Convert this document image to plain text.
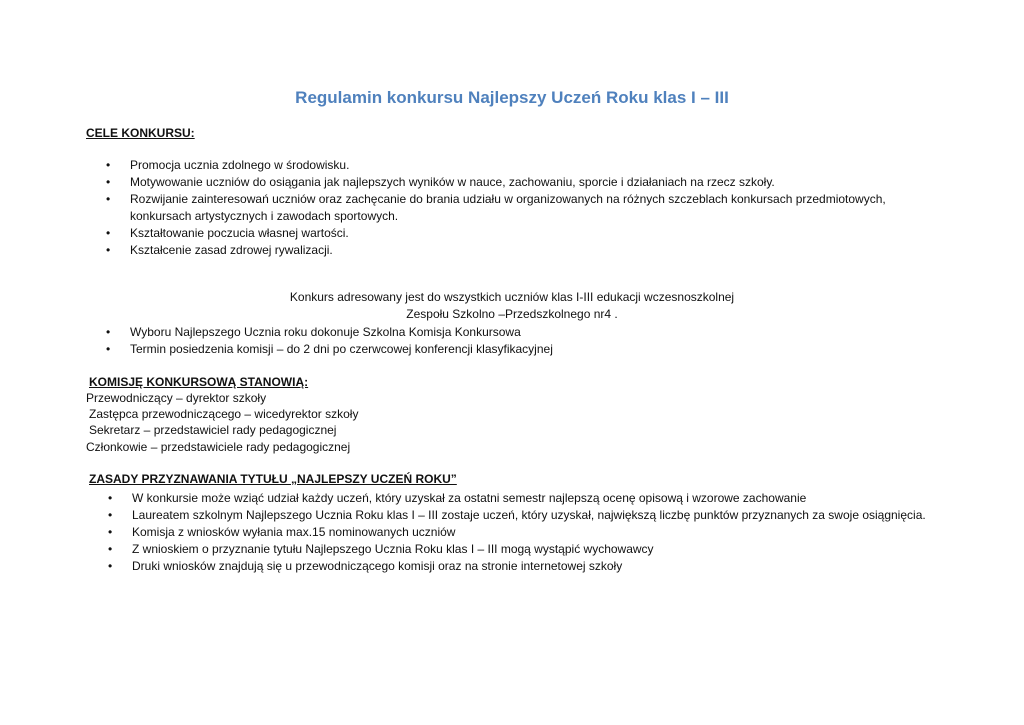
Regulamin konkursu Najlepszy Uczeń Roku klas I – III
CELE KONKURSU:
• Promocja ucznia zdolnego w środowisku.
• Motywowanie uczniów do osiągania jak najlepszych wyników w nauce, zachowaniu, sporcie i działaniach na rzecz szkoły.
• Rozwijanie zainteresowań uczniów oraz zachęcanie do brania udziału w organizowanych na różnych szczeblach konkursach przedmiotowych,
konkursach artystycznych i zawodach sportowych.
• Kształtowanie poczucia własnej wartości.
• Kształcenie zasad zdrowej rywalizacji.
Konkurs adresowany jest do wszystkich uczniów klas I-III edukacji wczesnoszkolnej
Zespołu Szkolno –Przedszkolnego nr4 .
• Wyboru Najlepszego Ucznia roku dokonuje Szkolna Komisja Konkursowa
• Termin posiedzenia komisji – do 2 dni po czerwcowej konferencji klasyfikacyjnej
KOMISJĘ KONKURSOWĄ STANOWIĄ:
Przewodniczący – dyrektor szkoły
Zastępca przewodniczącego – wicedyrektor szkoły
Sekretarz – przedstawiciel rady pedagogicznej
Członkowie – przedstawiciele rady pedagogicznej
ZASADY PRZYZNAWANIA TYTUŁU „NAJLEPSZY UCZEŃ ROKU”
• W konkursie może wziąć udział każdy uczeń, który uzyskał za ostatni semestr najlepszą ocenę opisową i wzorowe zachowanie
• Laureatem szkolnym Najlepszego Ucznia Roku klas I – III zostaje uczeń, który uzyskał, największą liczbę punktów przyznanych za swoje osiągnięcia.
• Komisja z wniosków wyłania max.15 nominowanych uczniów
• Z wnioskiem o przyznanie tytułu Najlepszego Ucznia Roku klas I – III mogą wystąpić wychowawcy
• Druki wniosków znajdują się u przewodniczącego komisji oraz na stronie internetowej szkoły
